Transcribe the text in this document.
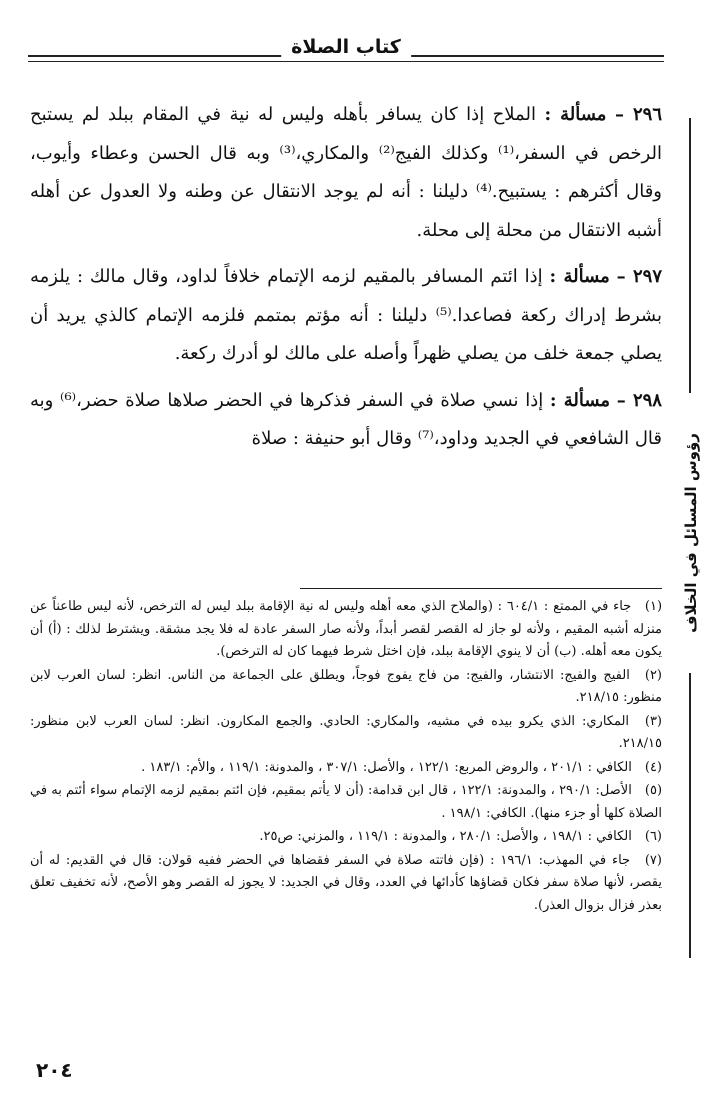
كتاب الصلاة

٢٩٦ – مسألة : الملاح إذا كان يسافر بأهله وليس له نية في المقام ببلد لم يستبح الرخص في السفر،⁽¹⁾ وكذلك الفيج⁽²⁾ والمكاري،⁽³⁾ وبه قال الحسن وعطاء وأيوب، وقال أكثرهم : يستبيح.⁽⁴⁾ دليلنا : أنه لم يوجد الانتقال عن وطنه ولا العدول عن أهله أشبه الانتقال من محلة إلى محلة.

٢٩٧ – مسألة : إذا ائتم المسافر بالمقيم لزمه الإتمام خلافاً لداود، وقال مالك : يلزمه بشرط إدراك ركعة فصاعدا.⁽⁵⁾ دليلنا : أنه مؤتم بمتمم فلزمه الإتمام كالذي يريد أن يصلي جمعة خلف من يصلي ظهراً وأصله على مالك لو أدرك ركعة.

٢٩٨ – مسألة : إذا نسي صلاة في السفر فذكرها في الحضر صلاها صلاة حضر،⁽⁶⁾ وبه قال الشافعي في الجديد وداود،⁽⁷⁾ وقال أبو حنيفة : صلاة

(١) جاء في الممتع : ٦٠٤/١ : (والملاح الذي معه أهله وليس له نية الإقامة ببلد ليس له الترخص، لأنه ليس طاعناً عن منزله أشبه المقيم ، ولأنه لو جاز له القصر لقصر أبداً، ولأنه صار السفر عادة له فلا يجد مشقة. ويشترط لذلك : (أ) أن يكون معه أهله. (ب) أن لا ينوي الإقامة ببلد، فإن اختل شرط فيهما كان له الترخص).
(٢) الفيج والفيج: الانتشار، والفيج: من فاج يفوج فوجاً، ويطلق على الجماعة من الناس. انظر: لسان العرب لابن منظور: ٢١٨/١٥.
(٣) المكاري: الذي يكرو بيده في مشيه، والمكاري: الحادي. والجمع المكارون. انظر: لسان العرب لابن منظور: ٢١٨/١٥.
(٤) الكافي : ٢٠١/١ ، والروض المربع: ١٢٢/١ ، والأصل: ٣٠٧/١ ، والمدونة: ١١٩/١ ، والأم: ١٨٣/١ .
(٥) الأصل: ٢٩٠/١ ، والمدونة: ١٢٢/١ ، قال ابن قدامة: (أن لا يأتم بمقيم، فإن ائتم بمقيم لزمه الإتمام سواء أئتم به في الصلاة كلها أو جزء منها). الكافي: ١٩٨/١ .
(٦) الكافي : ١٩٨/١ ، والأصل: ٢٨٠/١ ، والمدونة : ١١٩/١ ، والمزني: ص٢٥.
(٧) جاء في المهذب: ١٩٦/١ : (فإن فاتته صلاة في السفر فقضاها في الحضر ففيه قولان: قال في القديم: له أن يقصر، لأنها صلاة سفر فكان قضاؤها كأدائها في العدد، وقال في الجديد: لا يجوز له القصر وهو الأصح، لأنه تخفيف تعلق بعذر فزال بزوال العذر).
رؤوس المسائل في الخلاف
٢٠٤
